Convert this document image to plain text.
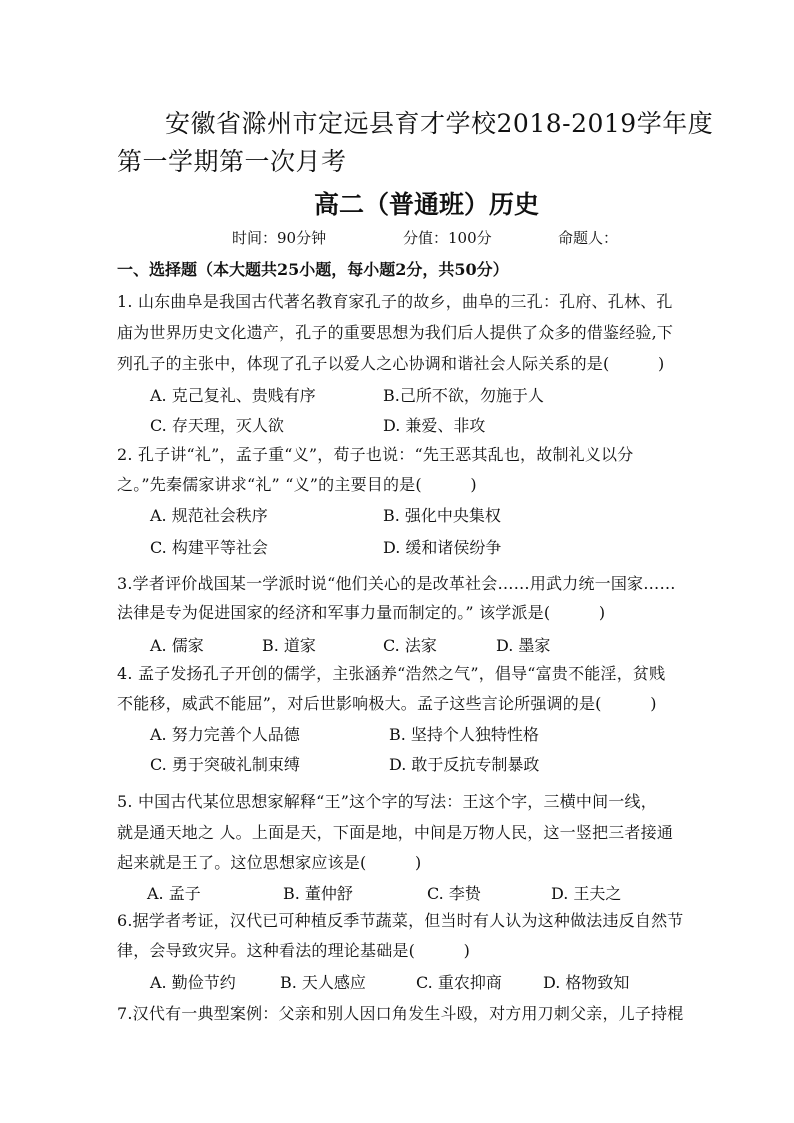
安徽省滁州市定远县育才学校2018-2019学年度
第一学期第一次月考
高二（普通班）历史
时间：90分钟	分值：100分	命题人：
一、选择题（本大题共25小题，每小题2分，共50分）
1. 山东曲阜是我国古代著名教育家孔子的故乡，曲阜的三孔：孔府、孔林、孔
庙为世界历史文化遗产，孔子的重要思想为我们后人提供了众多的借鉴经验,下
列孔子的主张中，体现了孔子以爱人之心协调和谐社会人际关系的是(　　　)
A. 克己复礼、贵贱有序	B.己所不欲，勿施于人
C. 存天理，灭人欲	D. 兼爱、非攻
2. 孔子讲“礼”，孟子重“义”，荀子也说：“先王恶其乱也，故制礼义以分
之。”先秦儒家讲求“礼” “义”的主要目的是(　　　)
A. 规范社会秩序	B. 强化中央集权
C. 构建平等社会	D. 缓和诸侯纷争
3.学者评价战国某一学派时说“他们关心的是改革社会……用武力统一国家……
法律是专为促进国家的经济和军事力量而制定的。” 该学派是(　　　)
A. 儒家	B. 道家	C. 法家	D. 墨家
4. 孟子发扬孔子开创的儒学，主张涵养“浩然之气”，倡导“富贵不能淫，贫贱
不能移，威武不能屈”，对后世影响极大。孟子这些言论所强调的是(　　　)
A. 努力完善个人品德	B. 坚持个人独特性格
C. 勇于突破礼制束缚	D. 敢于反抗专制暴政
5. 中国古代某位思想家解释“王”这个字的写法：王这个字，三横中间一线，
就是通天地之 人。上面是天，下面是地，中间是万物人民，这一竖把三者接通
起来就是王了。这位思想家应该是(　　　)
A. 孟子	B. 董仲舒	C. 李贽	D. 王夫之
6.据学者考证，汉代已可种植反季节蔬菜，但当时有人认为这种做法违反自然节
律，会导致灾异。这种看法的理论基础是(　　　)
A. 勤俭节约	B. 天人感应	C. 重农抑商	D. 格物致知
7.汉代有一典型案例：父亲和别人因口角发生斗殴，对方用刀刺父亲，儿子持棍
